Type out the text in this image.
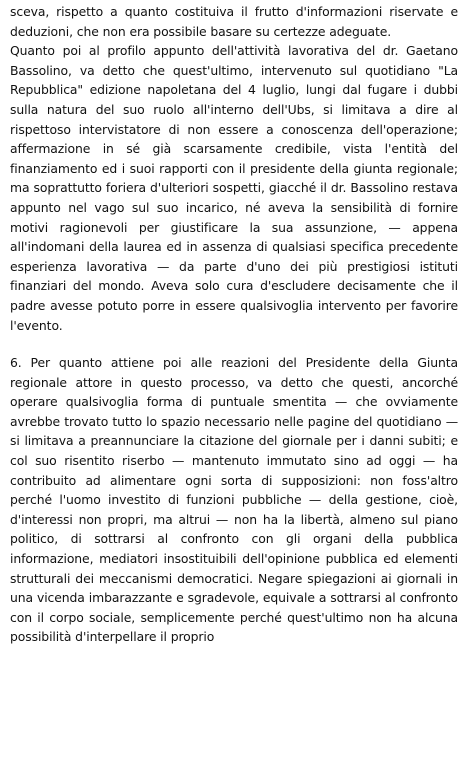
sceva, rispetto a quanto costituiva il frutto d'informazioni riservate e deduzioni, che non era possibile basare su certezze adeguate.

Quanto poi al profilo appunto dell'attività lavorativa del dr. Gaetano Bassolino, va detto che quest'ultimo, intervenuto sul quotidiano "La Repubblica" edizione napoletana del 4 luglio, lungi dal fugare i dubbi sulla natura del suo ruolo all'interno dell'Ubs, si limitava a dire al rispettoso intervistatore di non essere a conoscenza dell'operazione; affermazione in sé già scarsamente credibile, vista l'entità del finanziamento ed i suoi rapporti con il presidente della giunta regionale; ma soprattutto foriera d'ulteriori sospetti, giacché il dr. Bassolino restava appunto nel vago sul suo incarico, né aveva la sensibilità di fornire motivi ragionevoli per giustificare la sua assunzione, — appena all'indomani della laurea ed in assenza di qualsiasi specifica precedente esperienza lavorativa — da parte d'uno dei più prestigiosi istituti finanziari del mondo. Aveva solo cura d'escludere decisamente che il padre avesse potuto porre in essere qualsivoglia intervento per favorire l'evento.

6. Per quanto attiene poi alle reazioni del Presidente della Giunta regionale attore in questo processo, va detto che questi, ancorché operare qualsivoglia forma di puntuale smentita — che ovviamente avrebbe trovato tutto lo spazio necessario nelle pagine del quotidiano — si limitava a preannunciare la citazione del giornale per i danni subiti; e col suo risentito riserbo — mantenuto immutato sino ad oggi — ha contribuito ad alimentare ogni sorta di supposizioni: non foss'altro perché l'uomo investito di funzioni pubbliche — della gestione, cioè, d'interessi non propri, ma altrui — non ha la libertà, almeno sul piano politico, di sottrarsi al confronto con gli organi della pubblica informazione, mediatori insostituibili dell'opinione pubblica ed elementi strutturali dei meccanismi democratici. Negare spiegazioni ai giornali in una vicenda imbarazzante e sgradevole, equivale a sottrarsi al confronto con il corpo sociale, semplicemente perché quest'ultimo non ha alcuna possibilità d'interpellare il proprio
